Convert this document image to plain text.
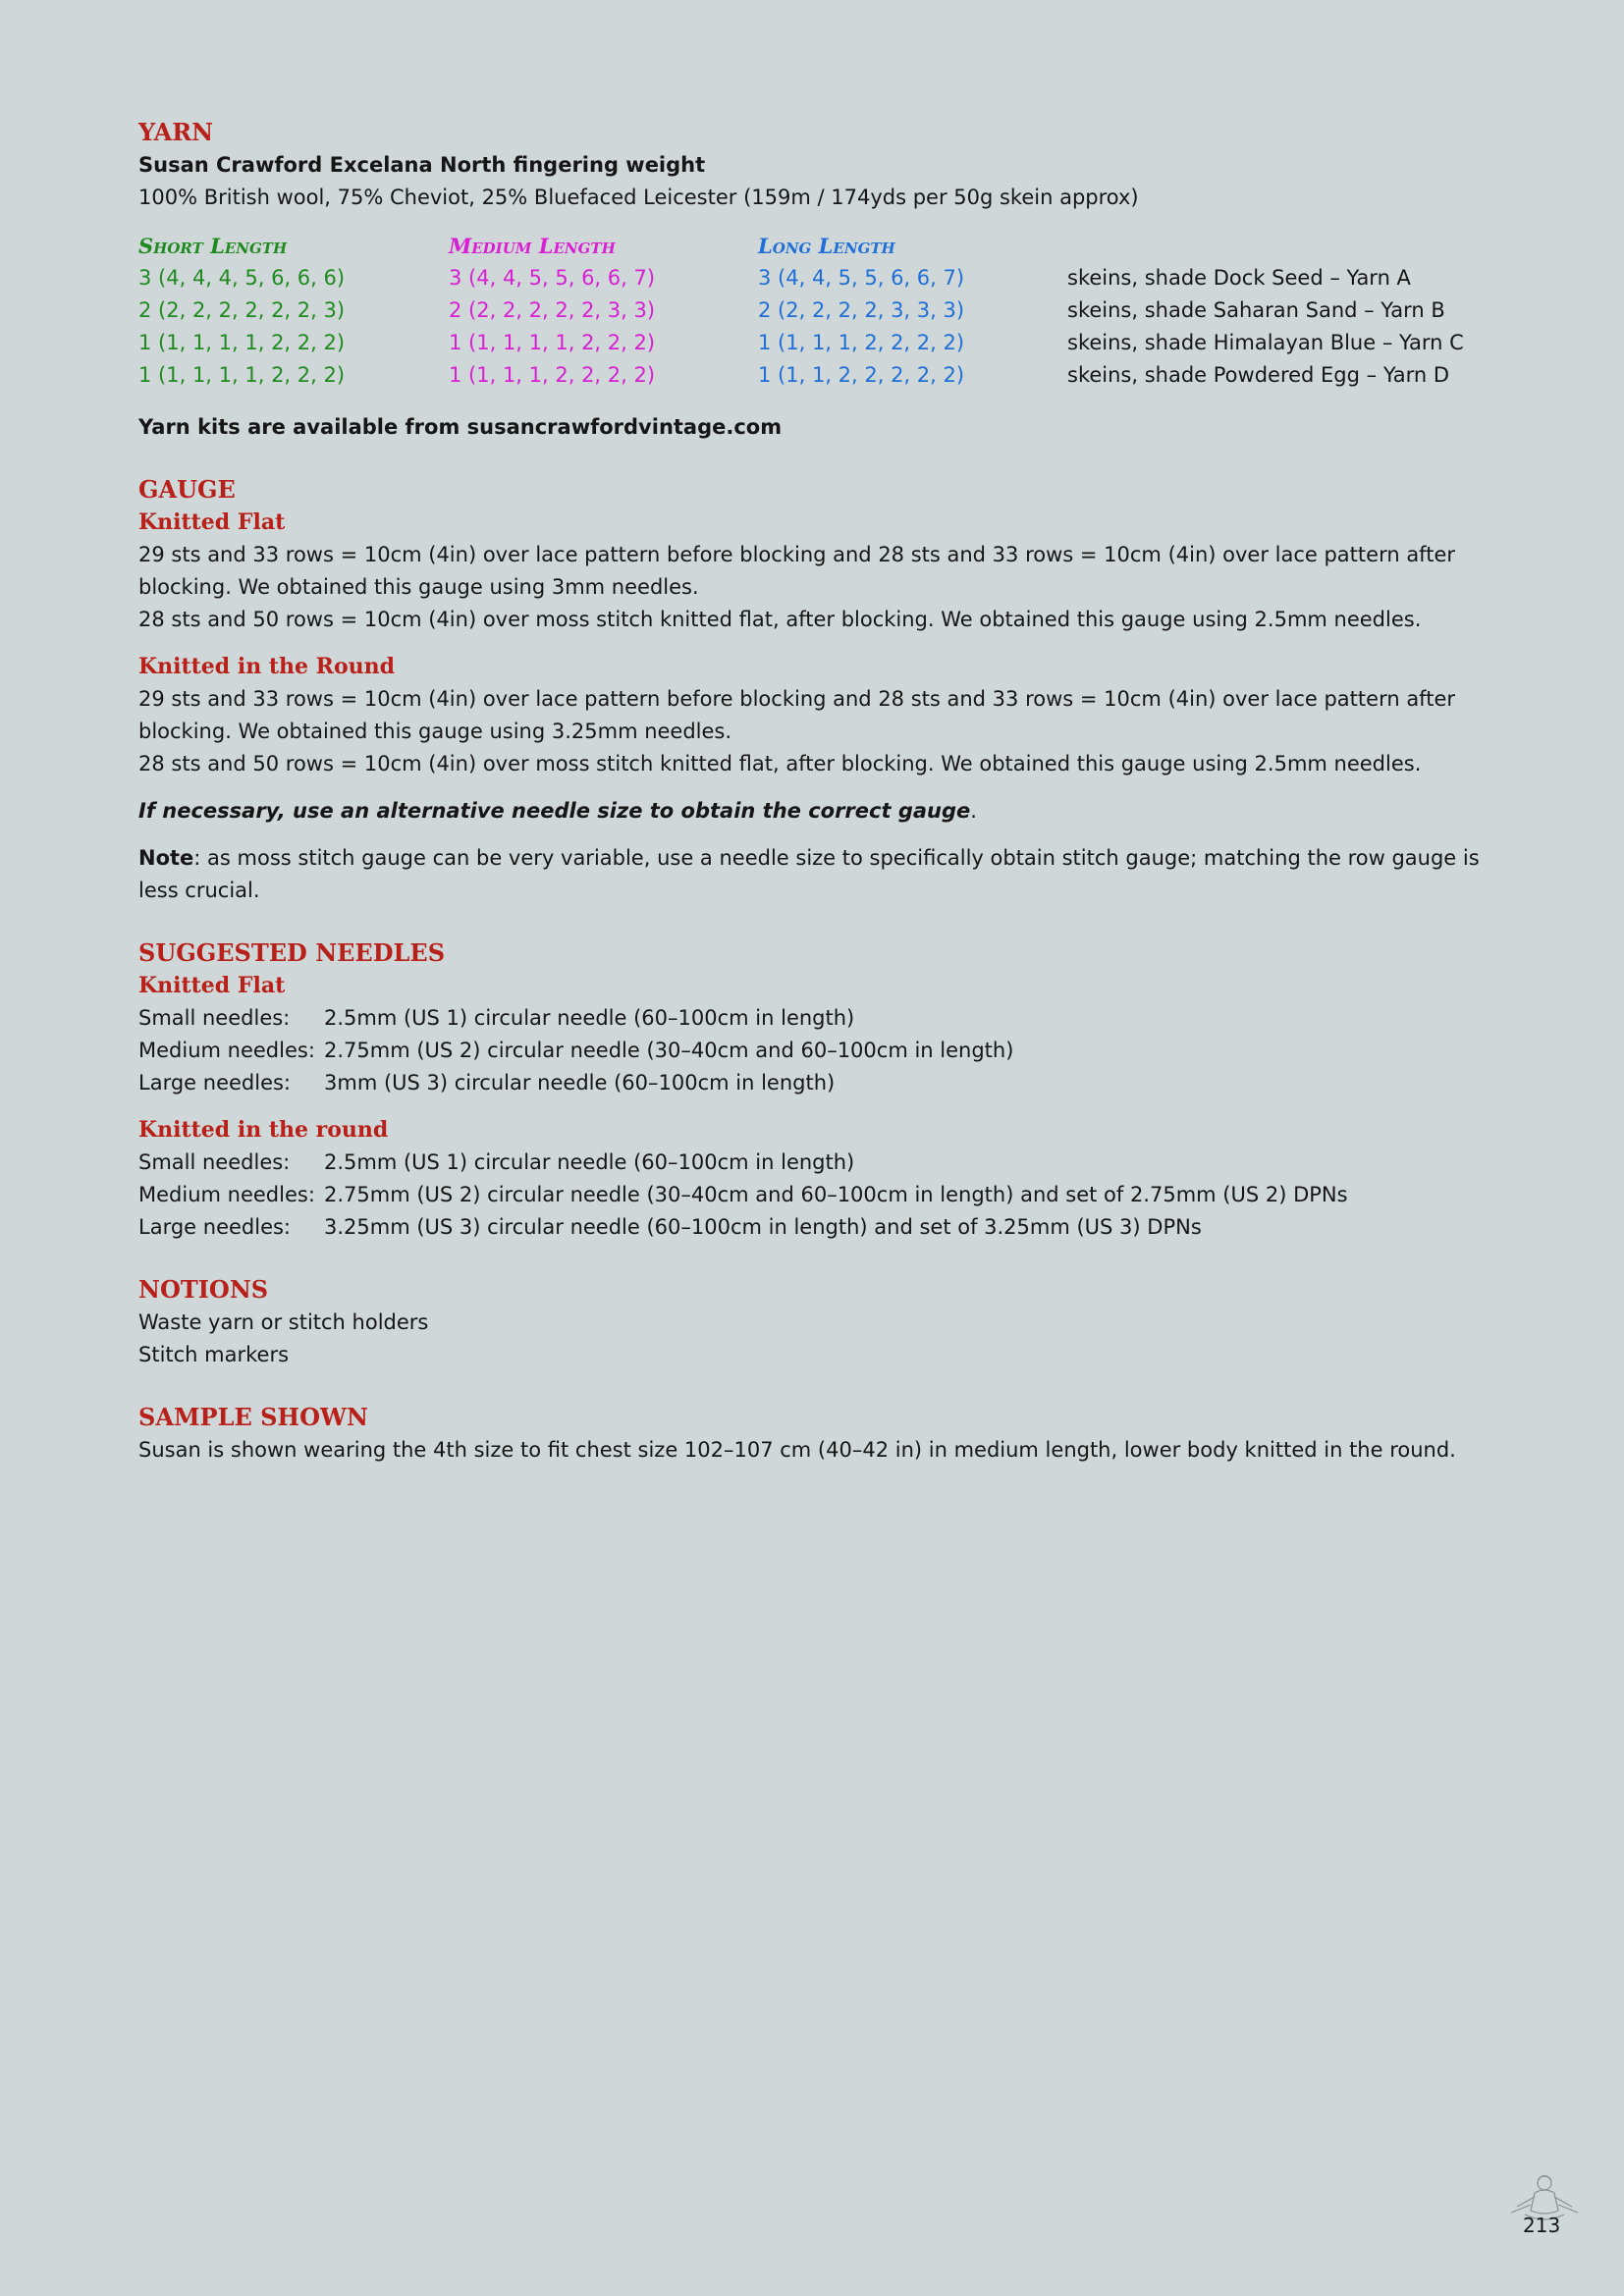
YARN

Susan Crawford Excelana North fingering weight

100% British wool, 75% Cheviot, 25% Bluefaced Leicester (159m / 174yds per 50g skein approx)

Short Length	Medium Length	Long Length
3 (4, 4, 4, 5, 6, 6, 6)	3 (4, 4, 5, 5, 6, 6, 7)	3 (4, 4, 5, 5, 6, 6, 7)	skeins, shade Dock Seed – Yarn A
2 (2, 2, 2, 2, 2, 2, 3)	2 (2, 2, 2, 2, 2, 3, 3)	2 (2, 2, 2, 2, 3, 3, 3)	skeins, shade Saharan Sand – Yarn B
1 (1, 1, 1, 1, 2, 2, 2)	1 (1, 1, 1, 1, 2, 2, 2)	1 (1, 1, 1, 2, 2, 2, 2)	skeins, shade Himalayan Blue – Yarn C
1 (1, 1, 1, 1, 2, 2, 2)	1 (1, 1, 1, 2, 2, 2, 2)	1 (1, 1, 2, 2, 2, 2, 2)	skeins, shade Powdered Egg – Yarn D

Yarn kits are available from susancrawfordvintage.com

GAUGE
Knitted Flat

29 sts and 33 rows = 10cm (4in) over lace pattern before blocking and 28 sts and 33 rows = 10cm (4in) over lace pattern after blocking. We obtained this gauge using 3mm needles.

28 sts and 50 rows = 10cm (4in) over moss stitch knitted flat, after blocking. We obtained this gauge using 2.5mm needles.

Knitted in the Round

29 sts and 33 rows = 10cm (4in) over lace pattern before blocking and 28 sts and 33 rows = 10cm (4in) over lace pattern after blocking. We obtained this gauge using 3.25mm needles.

28 sts and 50 rows = 10cm (4in) over moss stitch knitted flat, after blocking. We obtained this gauge using 2.5mm needles.

If necessary, use an alternative needle size to obtain the correct gauge.

Note: as moss stitch gauge can be very variable, use a needle size to specifically obtain stitch gauge; matching the row gauge is less crucial.

SUGGESTED NEEDLES
Knitted Flat
Small needles:	2.5mm (US 1) circular needle (60–100cm in length)
Medium needles: 2.75mm (US 2) circular needle (30–40cm and 60–100cm in length)
Large needles:	3mm (US 3) circular needle (60–100cm in length)
Knitted in the round
Small needles:	2.5mm (US 1) circular needle (60–100cm in length)
Medium needles: 2.75mm (US 2) circular needle (30–40cm and 60–100cm in length) and set of 2.75mm (US 2) DPNs
Large needles:	3.25mm (US 3) circular needle (60–100cm in length) and set of 3.25mm (US 3) DPNs
NOTIONS

Waste yarn or stitch holders

Stitch markers

SAMPLE SHOWN

Susan is shown wearing the 4th size to fit chest size 102–107 cm (40–42 in) in medium length, lower body knitted in the round.

213
